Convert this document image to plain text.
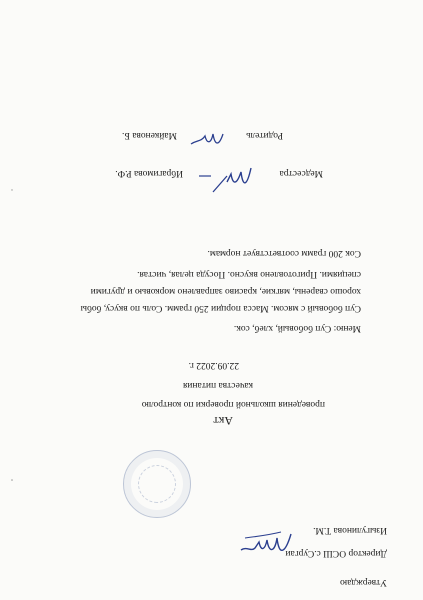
Утверждаю
Директор ОСШ с.Сургаи
Изыгулинова Т.М.
Акт
проведения школьной проверки по контролю
качества питания
22.09.2022 г.
Меню: Суп бобовый, хлеб, сок.
Суп бобовый с мясом. Масса порции 250 грамм. Соль по вкусу, бобы
хорошо сварены, мягкие, красиво заправлено морковью и другими
специями. Приготовлено вкусно. Посуда целая, чистая.
Сок 200 грамм соответствует нормам.
Медсестра
Ибрагимова Р.Ф.
Родитель
Майкенова Б.
